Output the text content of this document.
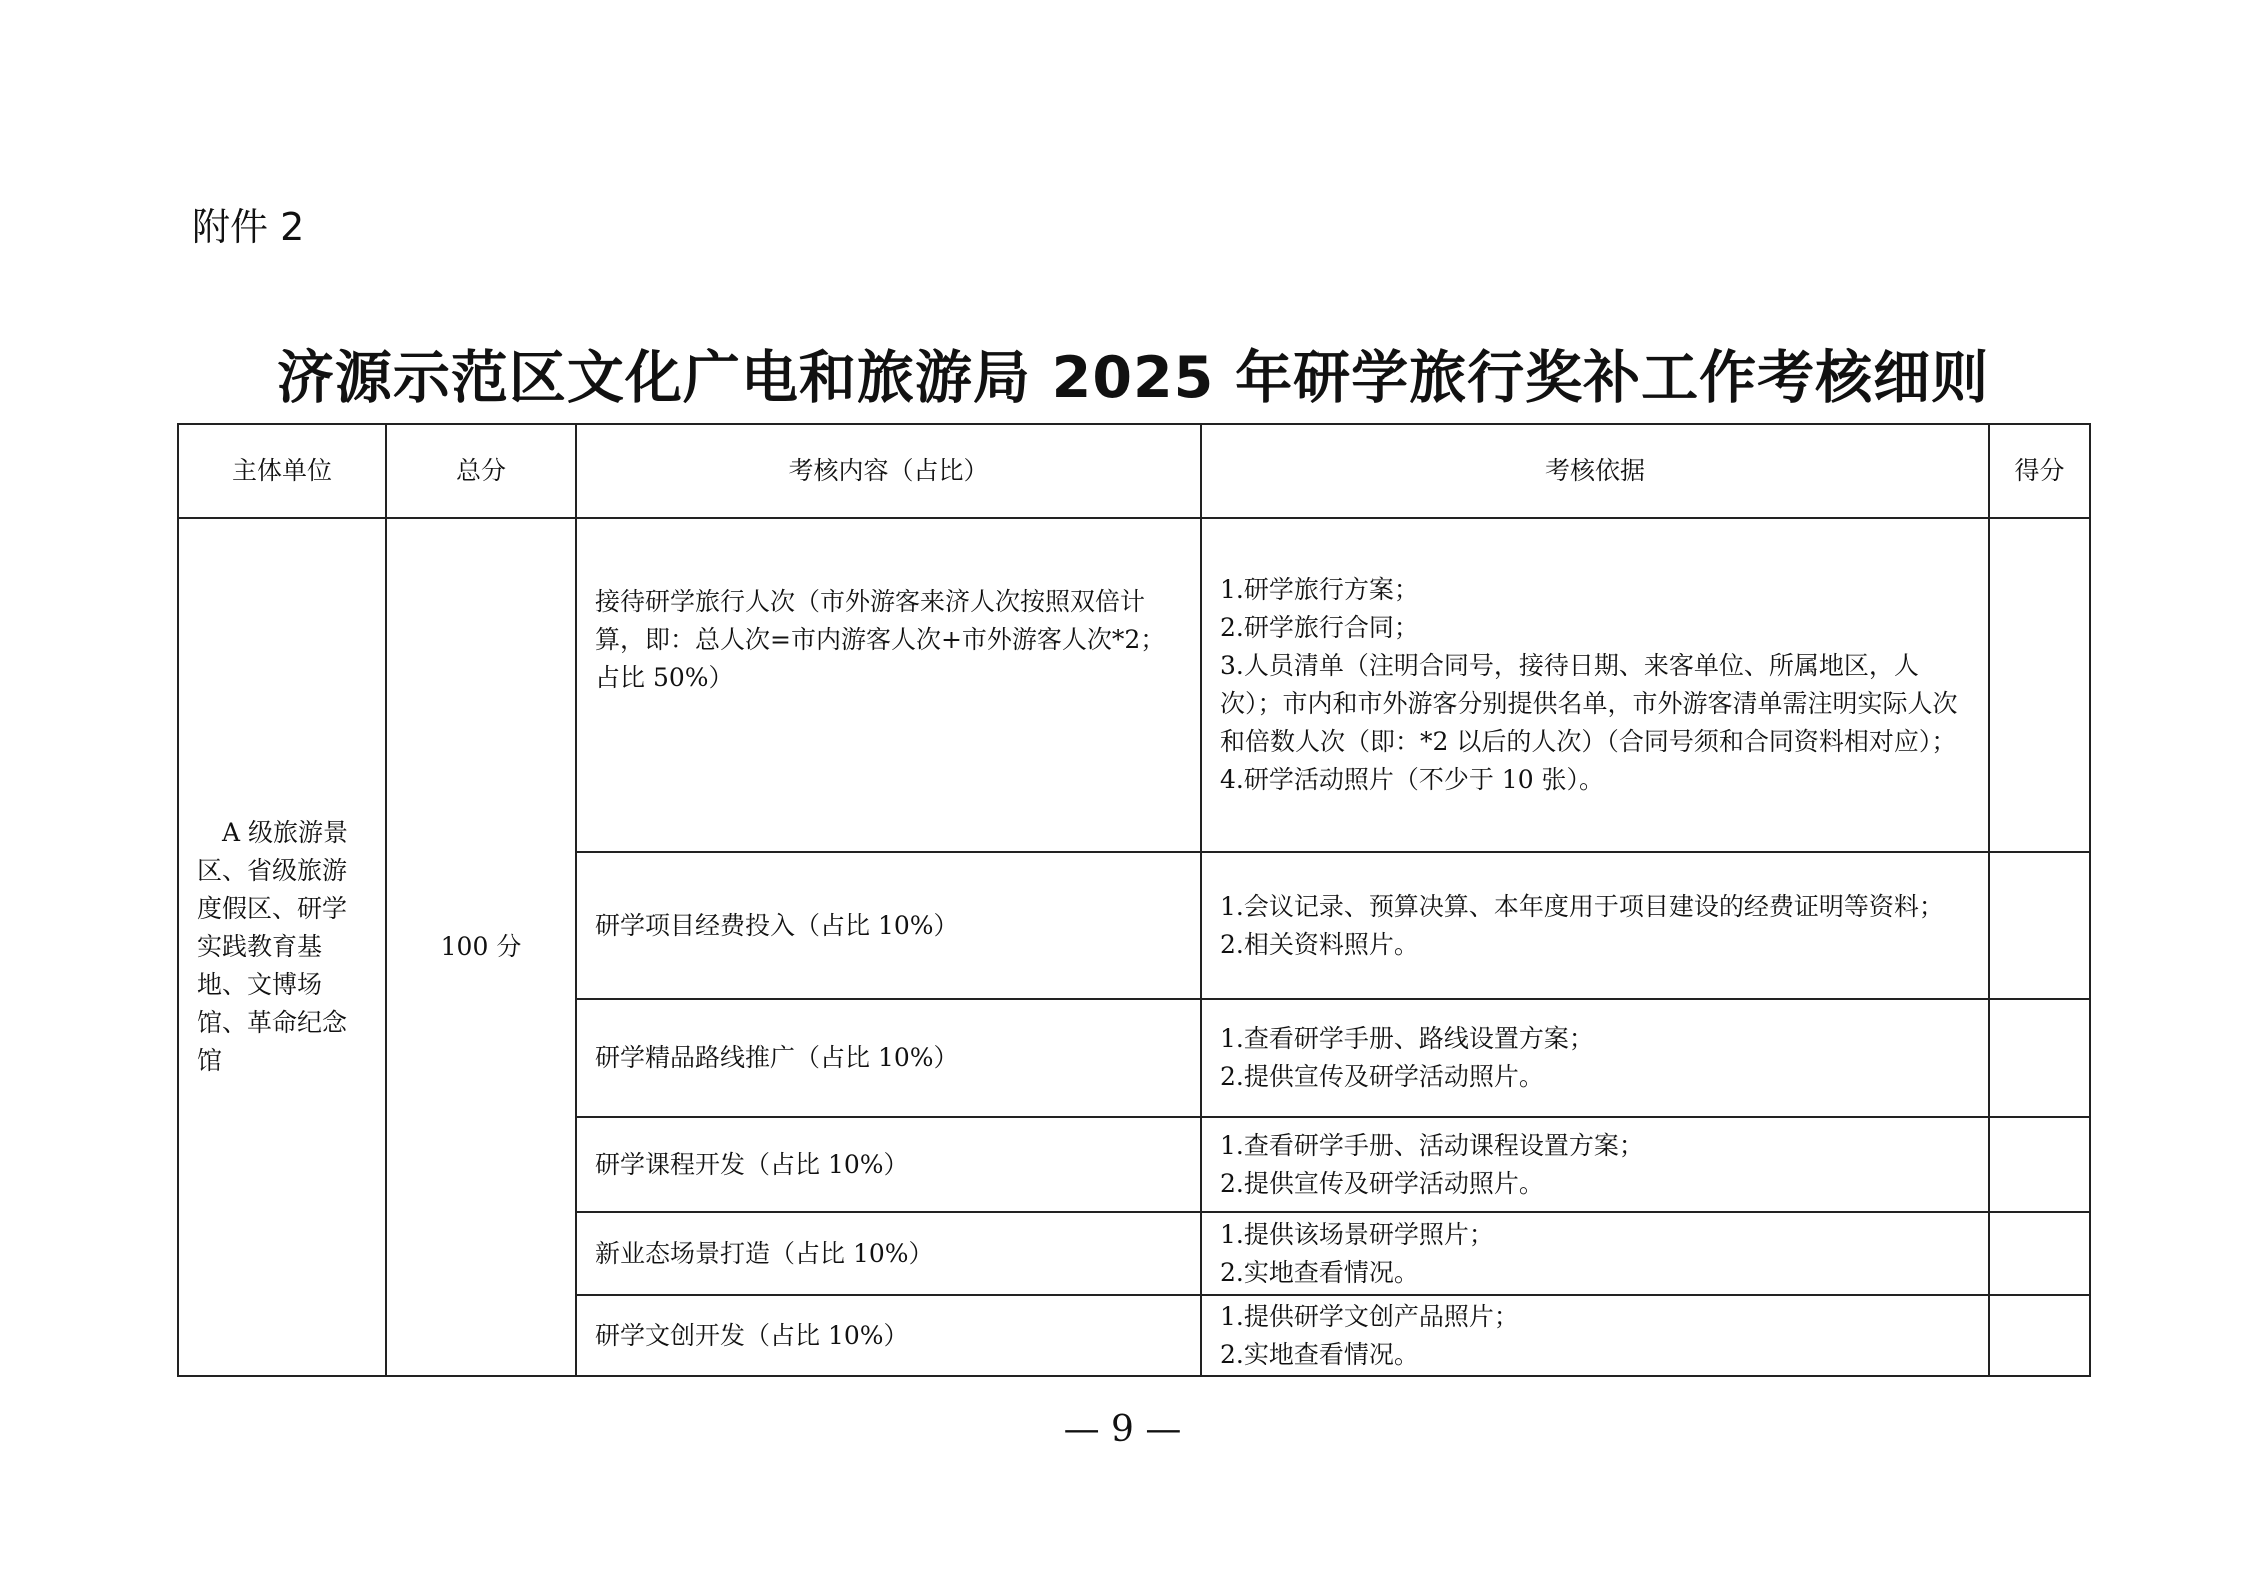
附件 2
济源示范区文化广电和旅游局 2025 年研学旅行奖补工作考核细则
主体单位	总分	考核内容（占比）	考核依据	得分

A 级旅游景区、省级旅游度假区、研学实践教育基地、文博场馆、革命纪念馆	100 分	接待研学旅行人次（市外游客来济人次按照双倍计算，即：总人次=市内游客人次+市外游客人次*2；占比 50%）	1.研学旅行方案；
2.研学旅行合同；
3.人员清单（注明合同号，接待日期、来客单位、所属地区，人次）；市内和市外游客分别提供名单，市外游客清单需注明实际人次和倍数人次（即：*2 以后的人次）（合同号须和合同资料相对应）；
4.研学活动照片（不少于 10 张）。	

		研学项目经费投入（占比 10%）	1.会议记录、预算决算、本年度用于项目建设的经费证明等资料；
2.相关资料照片。	

		研学精品路线推广（占比 10%）	1.查看研学手册、路线设置方案；
2.提供宣传及研学活动照片。	

		研学课程开发（占比 10%）	1.查看研学手册、活动课程设置方案；
2.提供宣传及研学活动照片。	

		新业态场景打造（占比 10%）	1.提供该场景研学照片；
2.实地查看情况。	

		研学文创开发（占比 10%）	1.提供研学文创产品照片；
2.实地查看情况。	

— 9 —
